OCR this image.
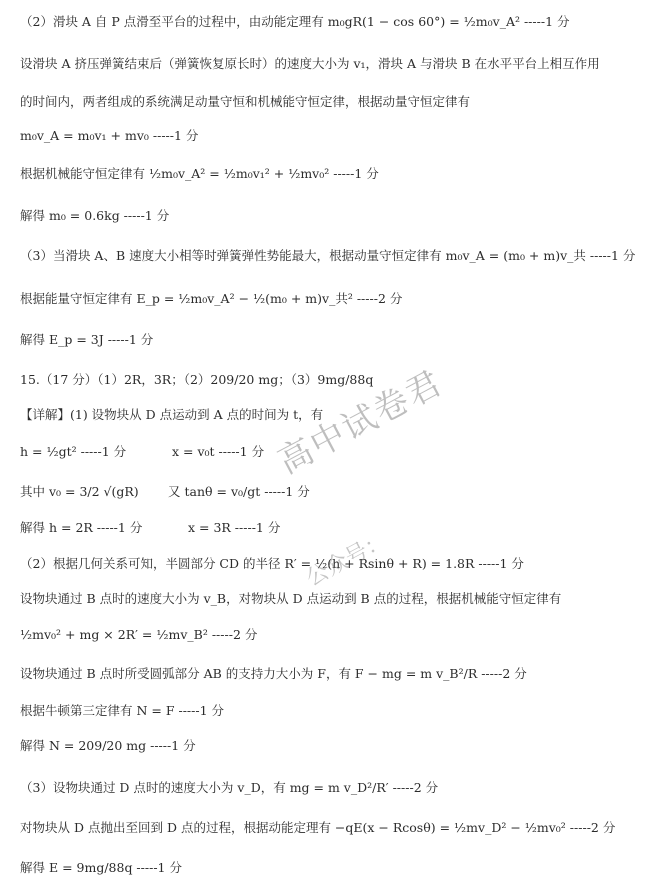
（2）滑块 A 自 P 点滑至平台的过程中，由动能定理有 m₀gR(1 − cos 60°) = ½m₀v_A² -----1 分
设滑块 A 挤压弹簧结束后（弹簧恢复原长时）的速度大小为 v₁，滑块 A 与滑块 B 在水平平台上相互作用
的时间内，两者组成的系统满足动量守恒和机械能守恒定律，根据动量守恒定律有
m₀v_A = m₀v₁ + mv₀ -----1 分
根据机械能守恒定律有 ½m₀v_A² = ½m₀v₁² + ½mv₀² -----1 分
解得 m₀ = 0.6kg -----1 分
（3）当滑块 A、B 速度大小相等时弹簧弹性势能最大，根据动量守恒定律有 m₀v_A = (m₀ + m)v_共 -----1 分
根据能量守恒定律有 E_p = ½m₀v_A² − ½(m₀ + m)v_共² -----2 分
解得 E_p = 3J -----1 分
15.（17 分）（1）2R，3R；（2）209/20 mg；（3）9mg/88q
【详解】(1) 设物块从 D 点运动到 A 点的时间为 t，有
h = ½gt² -----1 分	x = v₀t -----1 分
其中 v₀ = 3/2 √(gR)	又 tanθ = v₀/gt -----1 分
解得 h = 2R -----1 分	x = 3R -----1 分
（2）根据几何关系可知，半圆部分 CD 的半径 R′ = ½(h + Rsinθ + R) = 1.8R -----1 分
设物块通过 B 点时的速度大小为 v_B，对物块从 D 点运动到 B 点的过程，根据机械能守恒定律有
½mv₀² + mg × 2R′ = ½mv_B² -----2 分
设物块通过 B 点时所受圆弧部分 AB 的支持力大小为 F，有 F − mg = m v_B²/R -----2 分
根据牛顿第三定律有 N = F -----1 分
解得 N = 209/20 mg -----1 分
（3）设物块通过 D 点时的速度大小为 v_D，有 mg = m v_D²/R′ -----2 分
对物块从 D 点抛出至回到 D 点的过程，根据动能定理有 −qE(x − Rcosθ) = ½mv_D² − ½mv₀² -----2 分
解得 E = 9mg/88q -----1 分
高中试卷君
公众号：
